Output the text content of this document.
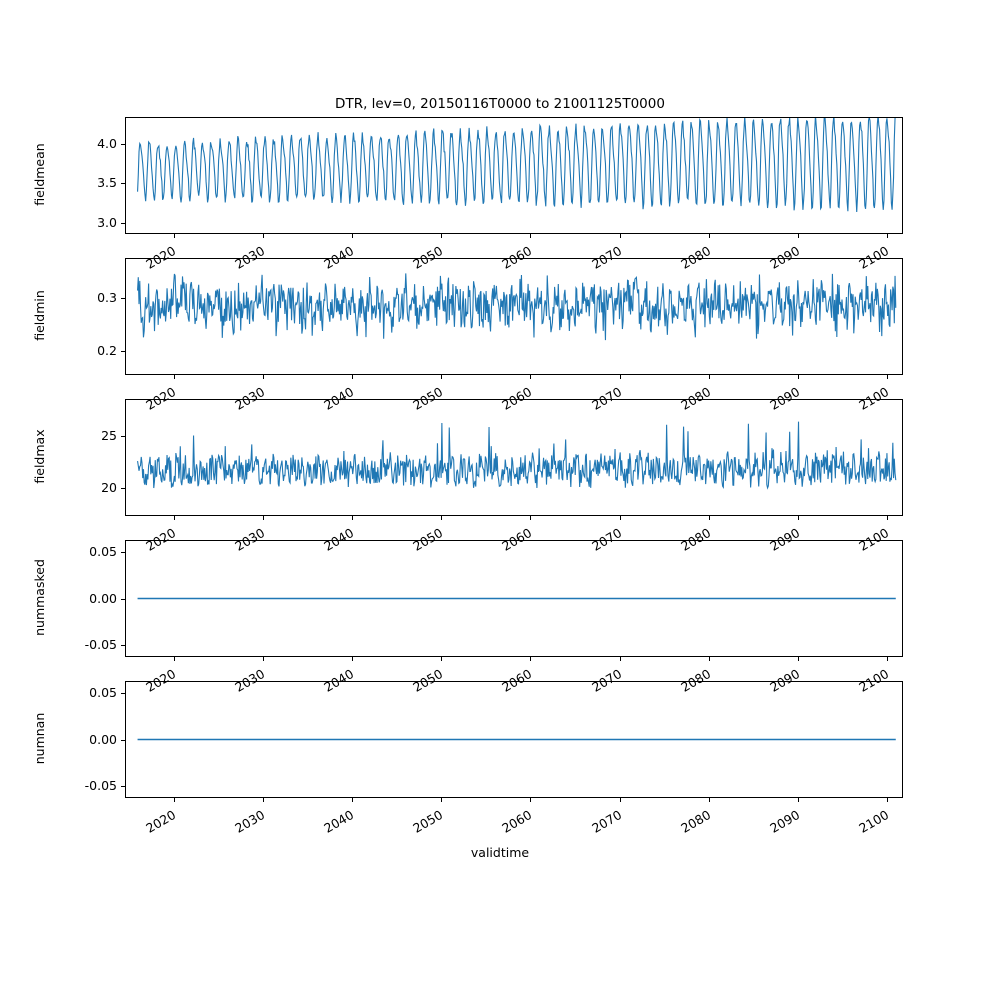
DTR, lev=0, 20150116T0000 to 21001125T0000
validtime
fieldmean
3.0
3.5
4.0
2020	2030	2040	2050	2060	2070	2080	2090	2100
fieldmin
0.2
0.3
2020	2030	2040	2050	2060	2070	2080	2090	2100
fieldmax
20
25
2020	2030	2040	2050	2060	2070	2080	2090	2100
nummasked
-0.05
0.00
0.05
2020	2030	2040	2050	2060	2070	2080	2090	2100
numnan
-0.05
0.00
0.05
2020	2030	2040	2050	2060	2070	2080	2090	2100
